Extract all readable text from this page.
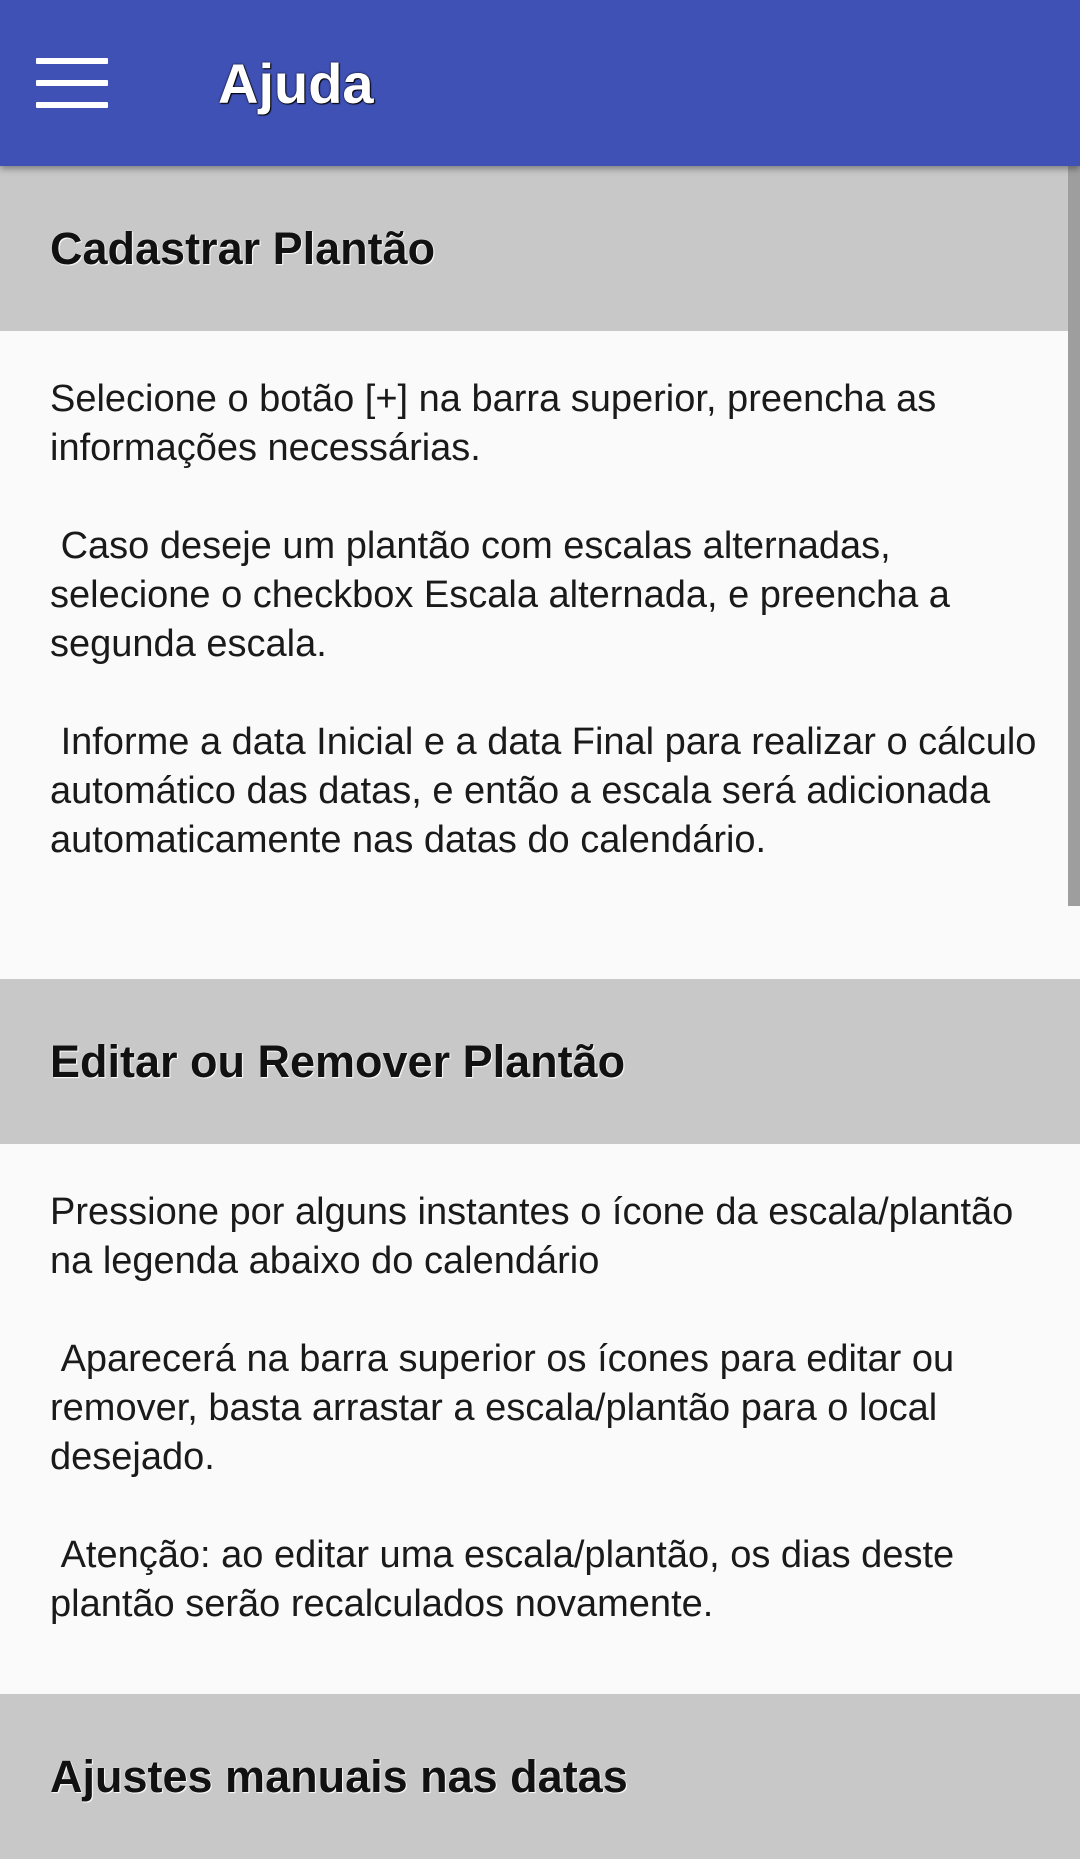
Ajuda
Cadastrar Plantão

Selecione o botão [+] na barra superior, preencha as informações necessárias.

Caso deseje um plantão com escalas alternadas, selecione o checkbox Escala alternada, e preencha a segunda escala.

Informe a data Inicial e a data Final para realizar o cálculo automático das datas, e então a escala será adicionada automaticamente nas datas do calendário.

Editar ou Remover Plantão

Pressione por alguns instantes o ícone da escala/plantão na legenda abaixo do calendário

Aparecerá na barra superior os ícones para editar ou remover, basta arrastar a escala/plantão para o local desejado.

Atenção: ao editar uma escala/plantão, os dias deste plantão serão recalculados novamente.

Ajustes manuais nas datas
